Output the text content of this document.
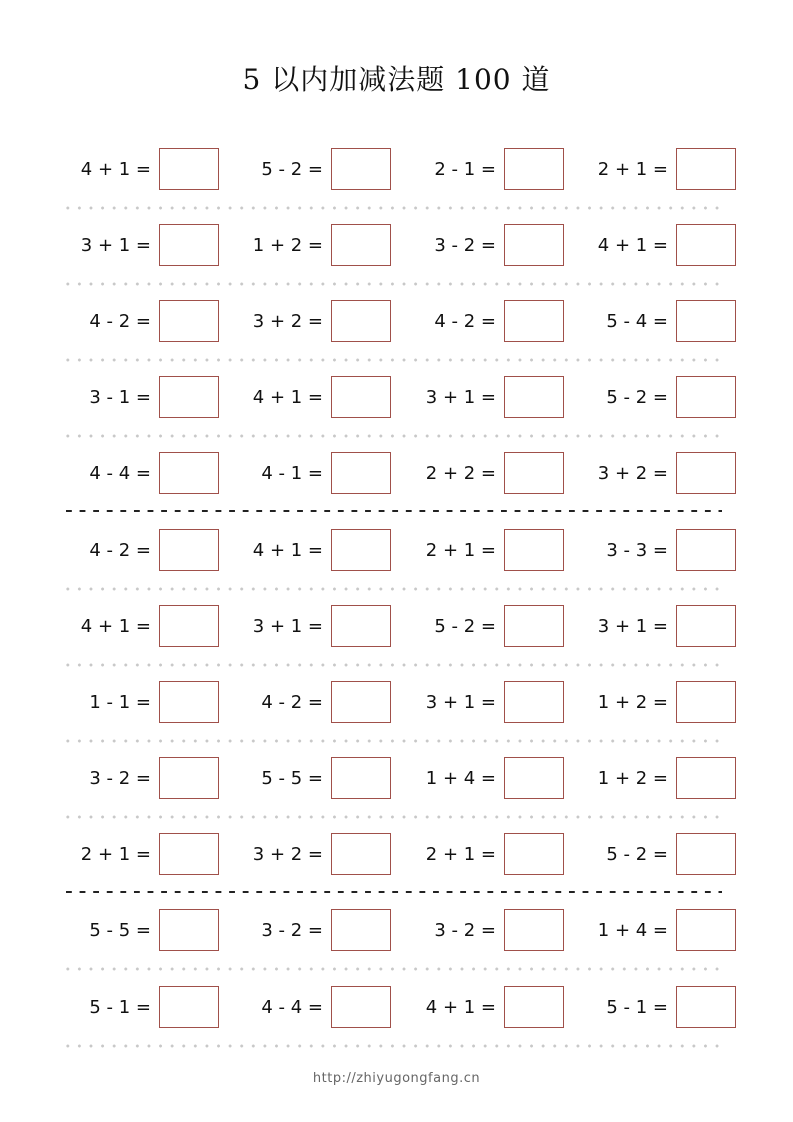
5 以内加减法题 100 道
4 + 1 =	5 - 2 =	2 - 1 =	2 + 1 =
3 + 1 =	1 + 2 =	3 - 2 =	4 + 1 =
4 - 2 =	3 + 2 =	4 - 2 =	5 - 4 =
3 - 1 =	4 + 1 =	3 + 1 =	5 - 2 =
4 - 4 =	4 - 1 =	2 + 2 =	3 + 2 =
4 - 2 =	4 + 1 =	2 + 1 =	3 - 3 =
4 + 1 =	3 + 1 =	5 - 2 =	3 + 1 =
1 - 1 =	4 - 2 =	3 + 1 =	1 + 2 =
3 - 2 =	5 - 5 =	1 + 4 =	1 + 2 =
2 + 1 =	3 + 2 =	2 + 1 =	5 - 2 =
5 - 5 =	3 - 2 =	3 - 2 =	1 + 4 =
5 - 1 =	4 - 4 =	4 + 1 =	5 - 1 =
http://zhiyugongfang.cn
